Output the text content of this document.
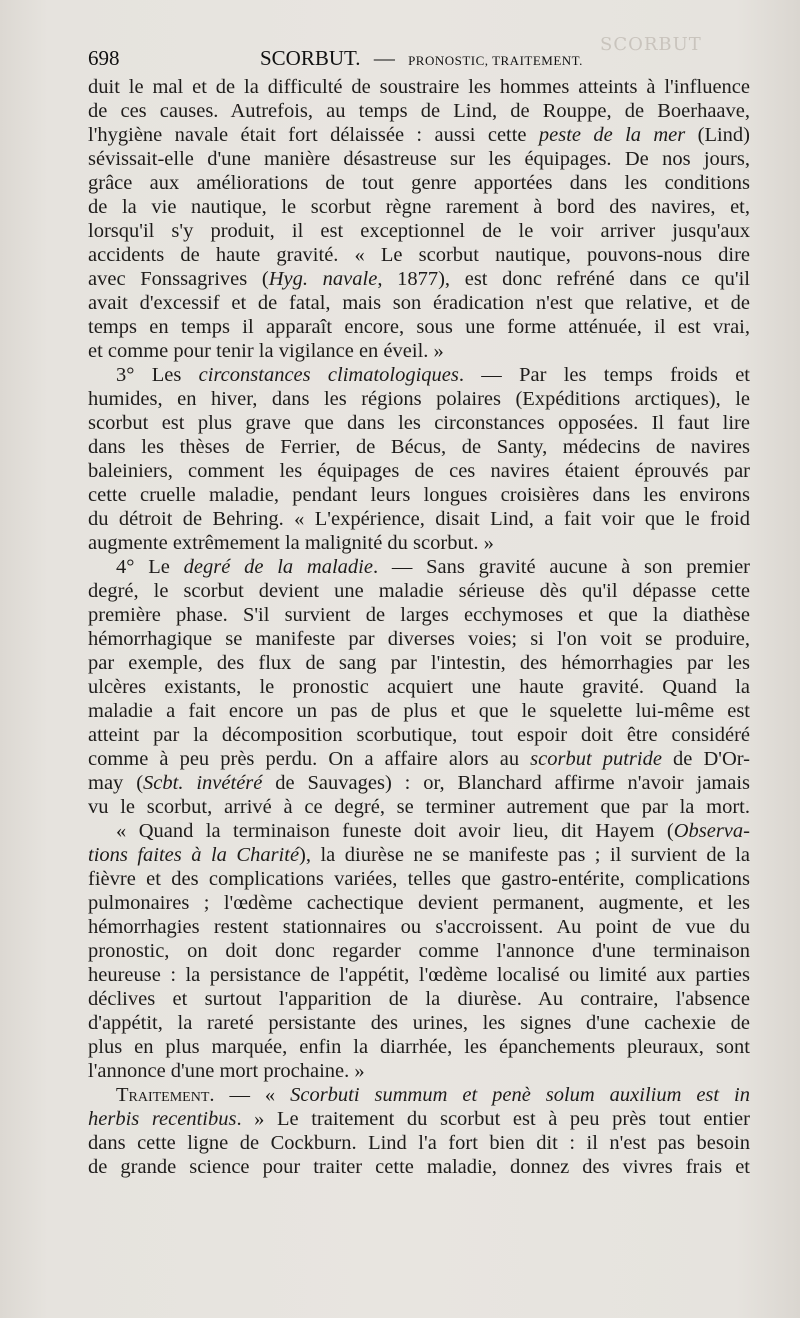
SCORBUT
698	SCORBUT. — PRONOSTIC, TRAITEMENT.
duit le mal et de la difficulté de soustraire les hommes atteints à l'influence
de ces causes. Autrefois, au temps de Lind, de Rouppe, de Boerhaave,
l'hygiène navale était fort délaissée : aussi cette peste de la mer (Lind)
sévissait-elle d'une manière désastreuse sur les équipages. De nos jours,
grâce aux améliorations de tout genre apportées dans les conditions
de la vie nautique, le scorbut règne rarement à bord des navires, et,
lorsqu'il s'y produit, il est exceptionnel de le voir arriver jusqu'aux
accidents de haute gravité. « Le scorbut nautique, pouvons-nous dire
avec Fonssagrives (Hyg. navale, 1877), est donc refréné dans ce qu'il
avait d'excessif et de fatal, mais son éradication n'est que relative, et de
temps en temps il apparaît encore, sous une forme atténuée, il est vrai,
et comme pour tenir la vigilance en éveil. »
3° Les circonstances climatologiques. — Par les temps froids et
humides, en hiver, dans les régions polaires (Expéditions arctiques), le
scorbut est plus grave que dans les circonstances opposées. Il faut lire
dans les thèses de Ferrier, de Bécus, de Santy, médecins de navires
baleiniers, comment les équipages de ces navires étaient éprouvés par
cette cruelle maladie, pendant leurs longues croisières dans les environs
du détroit de Behring. « L'expérience, disait Lind, a fait voir que le froid
augmente extrêmement la malignité du scorbut. »
4° Le degré de la maladie. — Sans gravité aucune à son premier
degré, le scorbut devient une maladie sérieuse dès qu'il dépasse cette
première phase. S'il survient de larges ecchymoses et que la diathèse
hémorrhagique se manifeste par diverses voies; si l'on voit se produire,
par exemple, des flux de sang par l'intestin, des hémorrhagies par les
ulcères existants, le pronostic acquiert une haute gravité. Quand la
maladie a fait encore un pas de plus et que le squelette lui-même est
atteint par la décomposition scorbutique, tout espoir doit être considéré
comme à peu près perdu. On a affaire alors au scorbut putride de D'Or-
may (Scbt. invétéré de Sauvages) : or, Blanchard affirme n'avoir jamais
vu le scorbut, arrivé à ce degré, se terminer autrement que par la mort.
« Quand la terminaison funeste doit avoir lieu, dit Hayem (Observa-
tions faites à la Charité), la diurèse ne se manifeste pas ; il survient de la
fièvre et des complications variées, telles que gastro-entérite, complications
pulmonaires ; l'œdème cachectique devient permanent, augmente, et les
hémorrhagies restent stationnaires ou s'accroissent. Au point de vue du
pronostic, on doit donc regarder comme l'annonce d'une terminaison
heureuse : la persistance de l'appétit, l'œdème localisé ou limité aux parties
déclives et surtout l'apparition de la diurèse. Au contraire, l'absence
d'appétit, la rareté persistante des urines, les signes d'une cachexie de
plus en plus marquée, enfin la diarrhée, les épanchements pleuraux, sont
l'annonce d'une mort prochaine. »
Traitement. — « Scorbuti summum et penè solum auxilium est in
herbis recentibus. » Le traitement du scorbut est à peu près tout entier
dans cette ligne de Cockburn. Lind l'a fort bien dit : il n'est pas besoin
de grande science pour traiter cette maladie, donnez des vivres frais et
